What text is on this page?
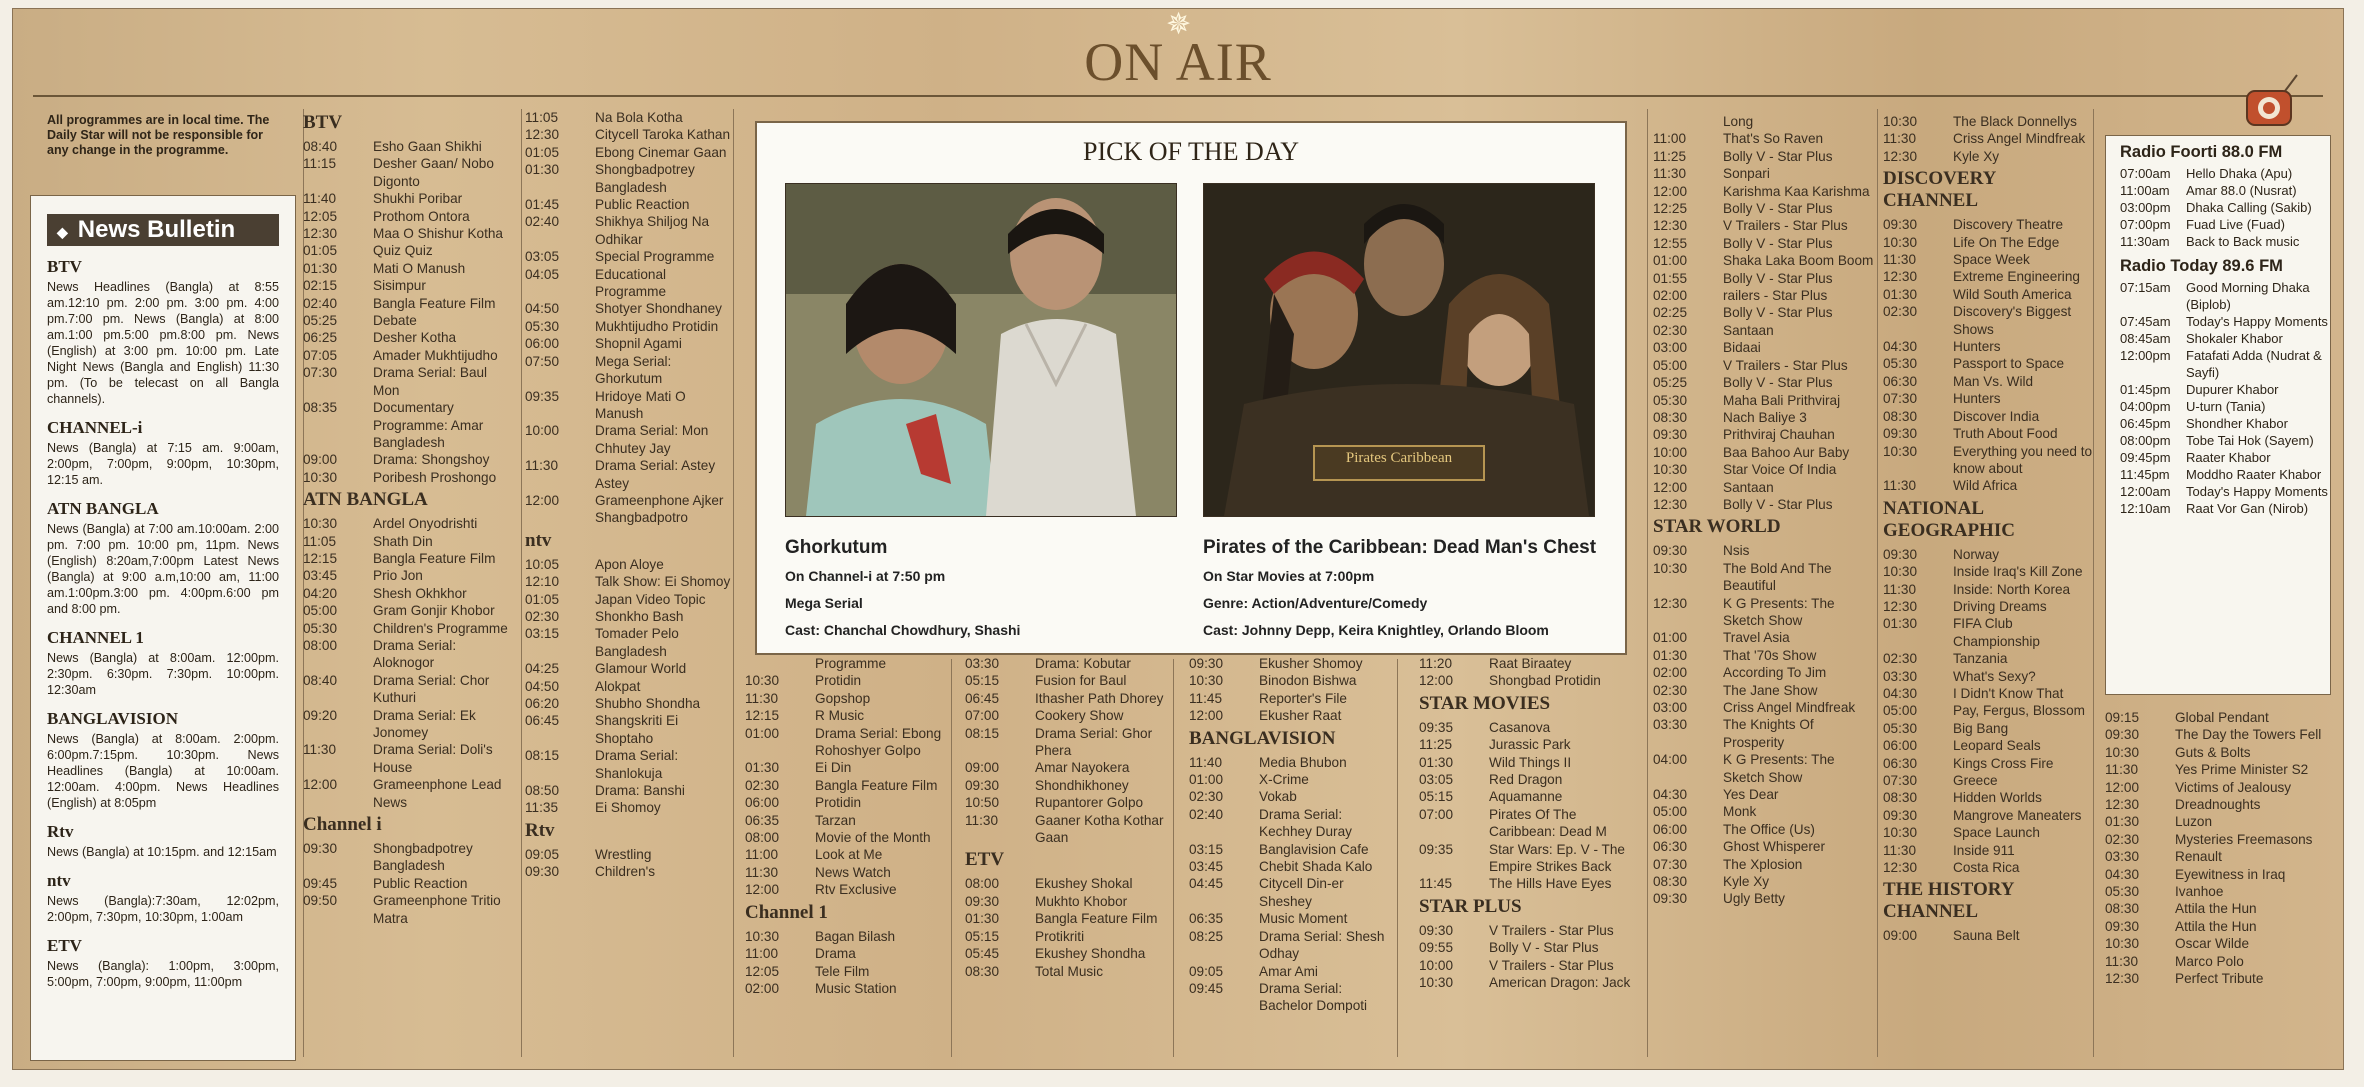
✵
ON AIR
All programmes are in local time. The Daily Star will not be responsible for any change in the programme.
◆ News Bulletin
BTV
News Headlines (Bangla) at 8:55 am.12:10 pm. 2:00 pm. 3:00 pm. 4:00 pm.7:00 pm. News (Bangla) at 8:00 am.1:00 pm.5:00 pm.8:00 pm. News (English) at 3:00 pm. 10:00 pm. Late Night News (Bangla and English) 11:30 pm. (To be telecast on all Bangla channels).
CHANNEL-i
News (Bangla) at 7:15 am. 9:00am, 2:00pm, 7:00pm, 9:00pm, 10:30pm, 12:15 am.
ATN BANGLA
News (Bangla) at 7:00 am.10:00am. 2:00 pm. 7:00 pm. 10:00 pm, 11pm. News (English) 8:20am,7:00pm Latest News (Bangla) at 9:00 a.m,10:00 am, 11:00 am.1:00pm.3:00 pm. 4:00pm.6:00 pm and 8:00 pm.
CHANNEL 1
News (Bangla) at 8:00am. 12:00pm. 2:30pm. 6:30pm. 7:30pm. 10:00pm. 12:30am
BANGLAVISION
News (Bangla) at 8:00am. 2:00pm. 6:00pm.7:15pm. 10:30pm. News Headlines (Bangla) at 10:00am. 12:00am. 4:00pm. News Headlines (English) at 8:05pm
Rtv
News (Bangla) at 10:15pm. and 12:15am
ntv
News (Bangla):7:30am, 12:02pm, 2:00pm, 7:30pm, 10:30pm, 1:00am
ETV
News (Bangla): 1:00pm, 3:00pm, 5:00pm, 7:00pm, 9:00pm, 11:00pm
BTV
08:40	Esho Gaan Shikhi
11:15	Desher Gaan/ Nobo Digonto
11:40	Shukhi Poribar
12:05	Prothom Ontora
12:30	Maa O Shishur Kotha
01:05	Quiz Quiz
01:30	Mati O Manush
02:15	Sisimpur
02:40	Bangla Feature Film
05:25	Debate
06:25	Desher Kotha
07:05	Amader Mukhtijudho
07:30	Drama Serial: Baul Mon
08:35	Documentary Programme: Amar Bangladesh
09:00	Drama: Shongshoy
10:30	Poribesh Proshongo
ATN BANGLA
10:30	Ardel Onyodrishti
11:05	Shath Din
12:15	Bangla Feature Film
03:45	Prio Jon
04:20	Shesh Okhkhor
05:00	Gram Gonjir Khobor
05:30	Children's Programme
08:00	Drama Serial: Aloknogor
08:40	Drama Serial: Chor Kuthuri
09:20	Drama Serial: Ek Jonomey
11:30	Drama Serial: Doli's House
12:00	Grameenphone Lead News
Channel i
09:30	Shongbadpotrey Bangladesh
09:45	Public Reaction
09:50	Grameenphone Tritio Matra
11:05	Na Bola Kotha
12:30	Citycell Taroka Kathan
01:05	Ebong Cinemar Gaan
01:30	Shongbadpotrey Bangladesh
01:45	Public Reaction
02:40	Shikhya Shiljog Na Odhikar
03:05	Special Programme
04:05	Educational Programme
04:50	Shotyer Shondhaney
05:30	Mukhtijudho Protidin
06:00	Shopnil Agami
07:50	Mega Serial: Ghorkutum
09:35	Hridoye Mati O Manush
10:00	Drama Serial: Mon Chhutey Jay
11:30	Drama Serial: Astey Astey
12:00	Grameenphone Ajker Shangbadpotro
ntv
10:05	Apon Aloye
12:10	Talk Show: Ei Shomoy
01:05	Japan Video Topic
02:30	Shonkho Bash
03:15	Tomader Pelo Bangladesh
04:25	Glamour World
04:50	Alokpat
06:20	Shubho Shondha
06:45	Shangskriti Ei Shoptaho
08:15	Drama Serial: Shanlokuja
08:50	Drama: Banshi
11:35	Ei Shomoy
Rtv
09:05	Wrestling
09:30	Children's
Programme
10:30	Protidin
11:30	Gopshop
12:15	R Music
01:00	Drama Serial: Ebong Rohoshyer Golpo
01:30	Ei Din
02:30	Bangla Feature Film
06:00	Protidin
06:35	Tarzan
08:00	Movie of the Month
11:00	Look at Me
11:30	News Watch
12:00	Rtv Exclusive
Channel 1
10:30	Bagan Bilash
11:00	Drama
12:05	Tele Film
02:00	Music Station
03:30	Drama: Kobutar
05:15	Fusion for Baul
06:45	Ithasher Path Dhorey
07:00	Cookery Show
08:15	Drama Serial: Ghor Phera
09:00	Amar Nayokera
09:30	Shondhikhoney
10:50	Rupantorer Golpo
11:30	Gaaner Kotha Kothar Gaan
ETV
08:00	Ekushey Shokal
09:30	Mukhto Khobor
01:30	Bangla Feature Film
05:15	Protikriti
05:45	Ekushey Shondha
08:30	Total Music
09:30	Ekusher Shomoy
10:30	Binodon Bishwa
11:45	Reporter's File
12:00	Ekusher Raat
BANGLAVISION
11:40	Media Bhubon
01:00	X-Crime
02:30	Vokab
02:40	Drama Serial: Kechhey Duray
03:15	Banglavision Cafe
03:45	Chebit Shada Kalo
04:45	Citycell Din-er Sheshey
06:35	Music Moment
08:25	Drama Serial: Shesh Odhay
09:05	Amar Ami
09:45	Drama Serial: Bachelor Dompoti
11:20	Raat Biraatey
12:00	Shongbad Protidin
STAR MOVIES
09:35	Casanova
11:25	Jurassic Park
01:30	Wild Things II
03:05	Red Dragon
05:15	Aquamanne
07:00	Pirates Of The Caribbean: Dead M
09:35	Star Wars: Ep. V - The Empire Strikes Back
11:45	The Hills Have Eyes
STAR PLUS
09:30	V Trailers - Star Plus
09:55	Bolly V - Star Plus
10:00	V Trailers - Star Plus
10:30	American Dragon: Jack
Long
11:00	That's So Raven
11:25	Bolly V - Star Plus
11:30	Sonpari
12:00	Karishma Kaa Karishma
12:25	Bolly V - Star Plus
12:30	V Trailers - Star Plus
12:55	Bolly V - Star Plus
01:00	Shaka Laka Boom Boom
01:55	Bolly V - Star Plus
02:00	railers - Star Plus
02:25	Bolly V - Star Plus
02:30	Santaan
03:00	Bidaai
05:00	V Trailers - Star Plus
05:25	Bolly V - Star Plus
05:30	Maha Bali Prithviraj
08:30	Nach Baliye 3
09:30	Prithviraj Chauhan
10:00	Baa Bahoo Aur Baby
10:30	Star Voice Of India
12:00	Santaan
12:30	Bolly V - Star Plus
STAR WORLD
09:30	Nsis
10:30	The Bold And The Beautiful
12:30	K G Presents: The Sketch Show
01:00	Travel Asia
01:30	That '70s Show
02:00	According To Jim
02:30	The Jane Show
03:00	Criss Angel Mindfreak
03:30	The Knights Of Prosperity
04:00	K G Presents: The Sketch Show
04:30	Yes Dear
05:00	Monk
06:00	The Office (Us)
06:30	Ghost Whisperer
07:30	The Xplosion
08:30	Kyle Xy
09:30	Ugly Betty
10:30	The Black Donnellys
11:30	Criss Angel Mindfreak
12:30	Kyle Xy
DISCOVERY CHANNEL
09:30	Discovery Theatre
10:30	Life On The Edge
11:30	Space Week
12:30	Extreme Engineering
01:30	Wild South America
02:30	Discovery's Biggest Shows
04:30	Hunters
05:30	Passport to Space
06:30	Man Vs. Wild
07:30	Hunters
08:30	Discover India
09:30	Truth About Food
10:30	Everything you need to know about
11:30	Wild Africa
NATIONAL GEOGRAPHIC
09:30	Norway
10:30	Inside Iraq's Kill Zone
11:30	Inside: North Korea
12:30	Driving Dreams
01:30	FIFA Club Championship
02:30	Tanzania
03:30	What's Sexy?
04:30	I Didn't Know That
05:00	Pay, Fergus, Blossom
05:30	Big Bang
06:00	Leopard Seals
06:30	Kings Cross Fire
07:30	Greece
08:30	Hidden Worlds
09:30	Mangrove Maneaters
10:30	Space Launch
11:30	Inside 911
12:30	Costa Rica
THE HISTORY CHANNEL
09:00	Sauna Belt
PICK OF THE DAY
Pirates Caribbean
Ghorkutum
On Channel-i at 7:50 pm
Mega Serial
Cast: Chanchal Chowdhury, Shashi
Pirates of the Caribbean: Dead Man's Chest
On Star Movies at 7:00pm
Genre: Action/Adventure/Comedy
Cast: Johnny Depp, Keira Knightley, Orlando Bloom
Radio Foorti 88.0 FM
07:00am	Hello Dhaka (Apu)
11:00am	Amar 88.0 (Nusrat)
03:00pm	Dhaka Calling (Sakib)
07:00pm	Fuad Live (Fuad)
11:30am	Back to Back music
Radio Today 89.6 FM
07:15am	Good Morning Dhaka (Biplob)
07:45am	Today's Happy Moments
08:45am	Shokaler Khabor
12:00pm	Fatafati Adda (Nudrat & Sayfi)
01:45pm	Dupurer Khabor
04:00pm	U-turn (Tania)
06:45pm	Shondher Khabor
08:00pm	Tobe Tai Hok (Sayem)
09:45pm	Raater Khabor
11:45pm	Moddho Raater Khabor
12:00am	Today's Happy Moments
12:10am	Raat Vor Gan (Nirob)
09:15	Global Pendant
09:30	The Day the Towers Fell
10:30	Guts & Bolts
11:30	Yes Prime Minister S2
12:00	Victims of Jealousy
12:30	Dreadnoughts
01:30	Luzon
02:30	Mysteries Freemasons
03:30	Renault
04:30	Eyewitness in Iraq
05:30	Ivanhoe
08:30	Attila the Hun
09:30	Attila the Hun
10:30	Oscar Wilde
11:30	Marco Polo
12:30	Perfect Tribute
